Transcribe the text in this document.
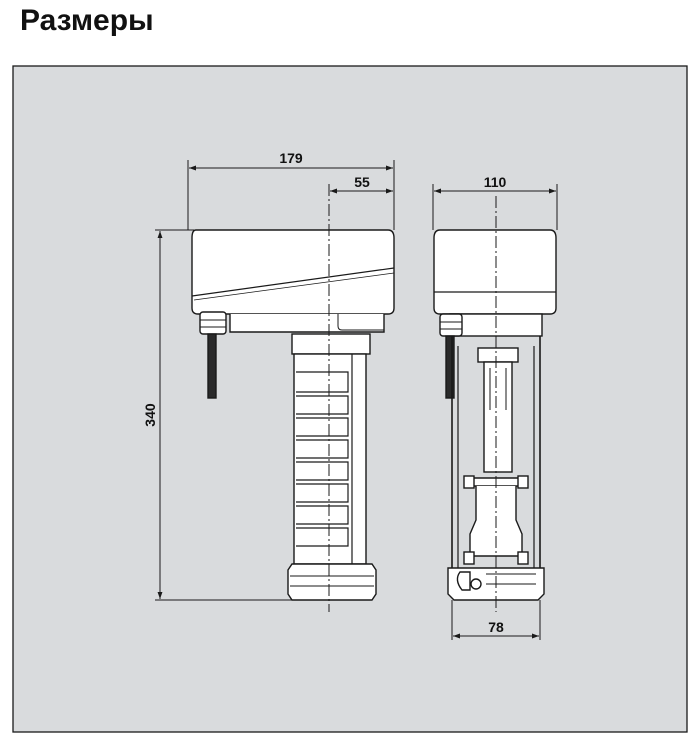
Размеры
179
55	110
340
78
